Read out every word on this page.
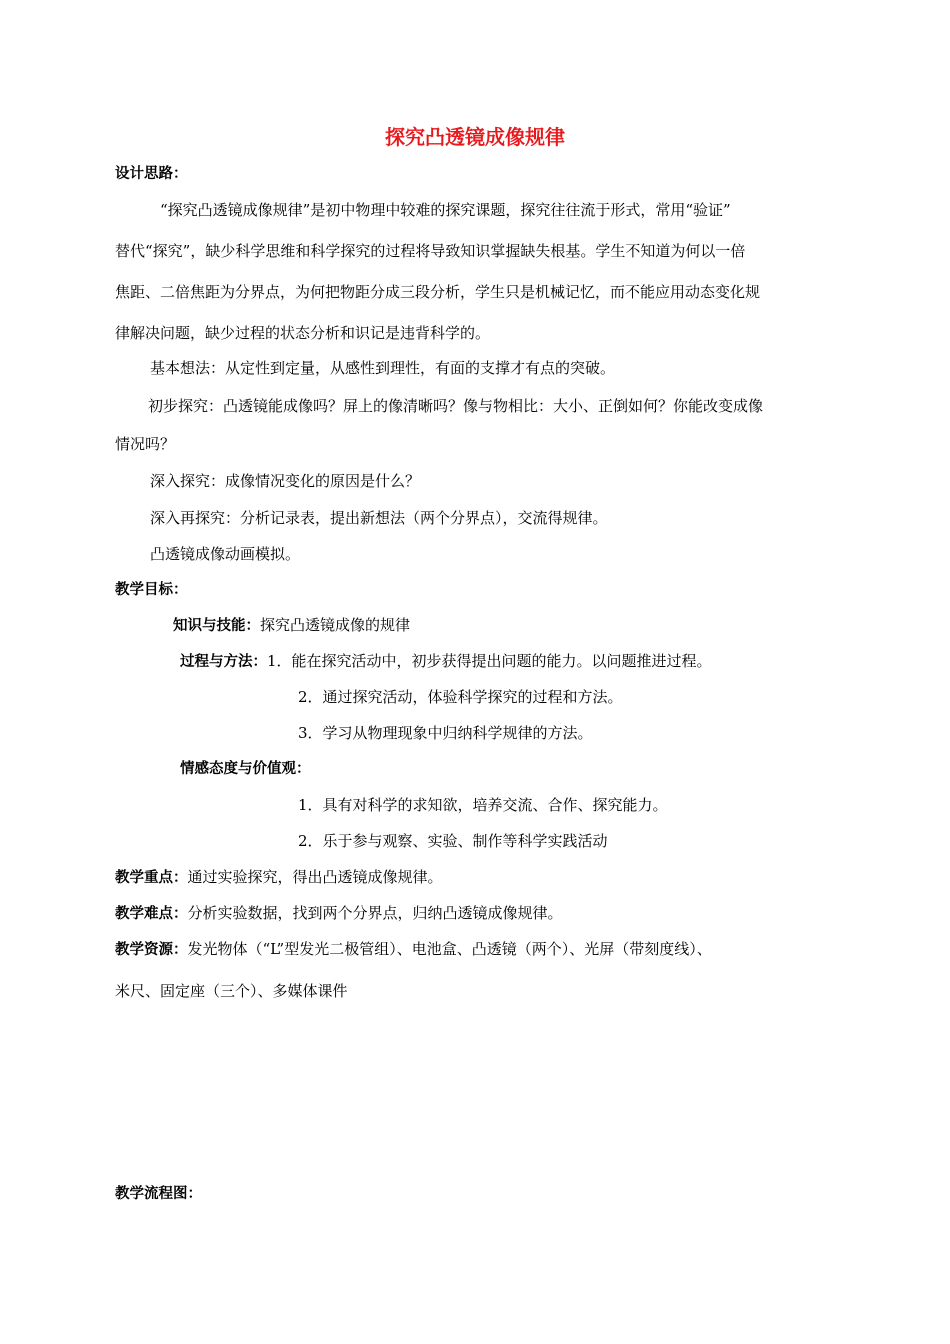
探究凸透镜成像规律
设计思路：
“探究凸透镜成像规律”是初中物理中较难的探究课题，探究往往流于形式，常用“验证”
替代“探究”，缺少科学思维和科学探究的过程将导致知识掌握缺失根基。学生不知道为何以一倍
焦距、二倍焦距为分界点，为何把物距分成三段分析，学生只是机械记忆，而不能应用动态变化规
律解决问题，缺少过程的状态分析和识记是违背科学的。
基本想法：从定性到定量，从感性到理性，有面的支撑才有点的突破。
初步探究：凸透镜能成像吗？屏上的像清晰吗？像与物相比：大小、正倒如何？你能改变成像
情况吗？
深入探究：成像情况变化的原因是什么？
深入再探究：分析记录表，提出新想法（两个分界点），交流得规律。
凸透镜成像动画模拟。
教学目标：
知识与技能：探究凸透镜成像的规律
过程与方法：1．能在探究活动中，初步获得提出问题的能力。以问题推进过程。
2．通过探究活动，体验科学探究的过程和方法。
3．学习从物理现象中归纳科学规律的方法。
情感态度与价值观：
1．具有对科学的求知欲，培养交流、合作、探究能力。
2．乐于参与观察、实验、制作等科学实践活动
教学重点：通过实验探究，得出凸透镜成像规律。
教学难点：分析实验数据，找到两个分界点，归纳凸透镜成像规律。
教学资源：发光物体（“L”型发光二极管组）、电池盒、凸透镜（两个）、光屏（带刻度线）、
米尺、固定座（三个）、多媒体课件
教学流程图：
